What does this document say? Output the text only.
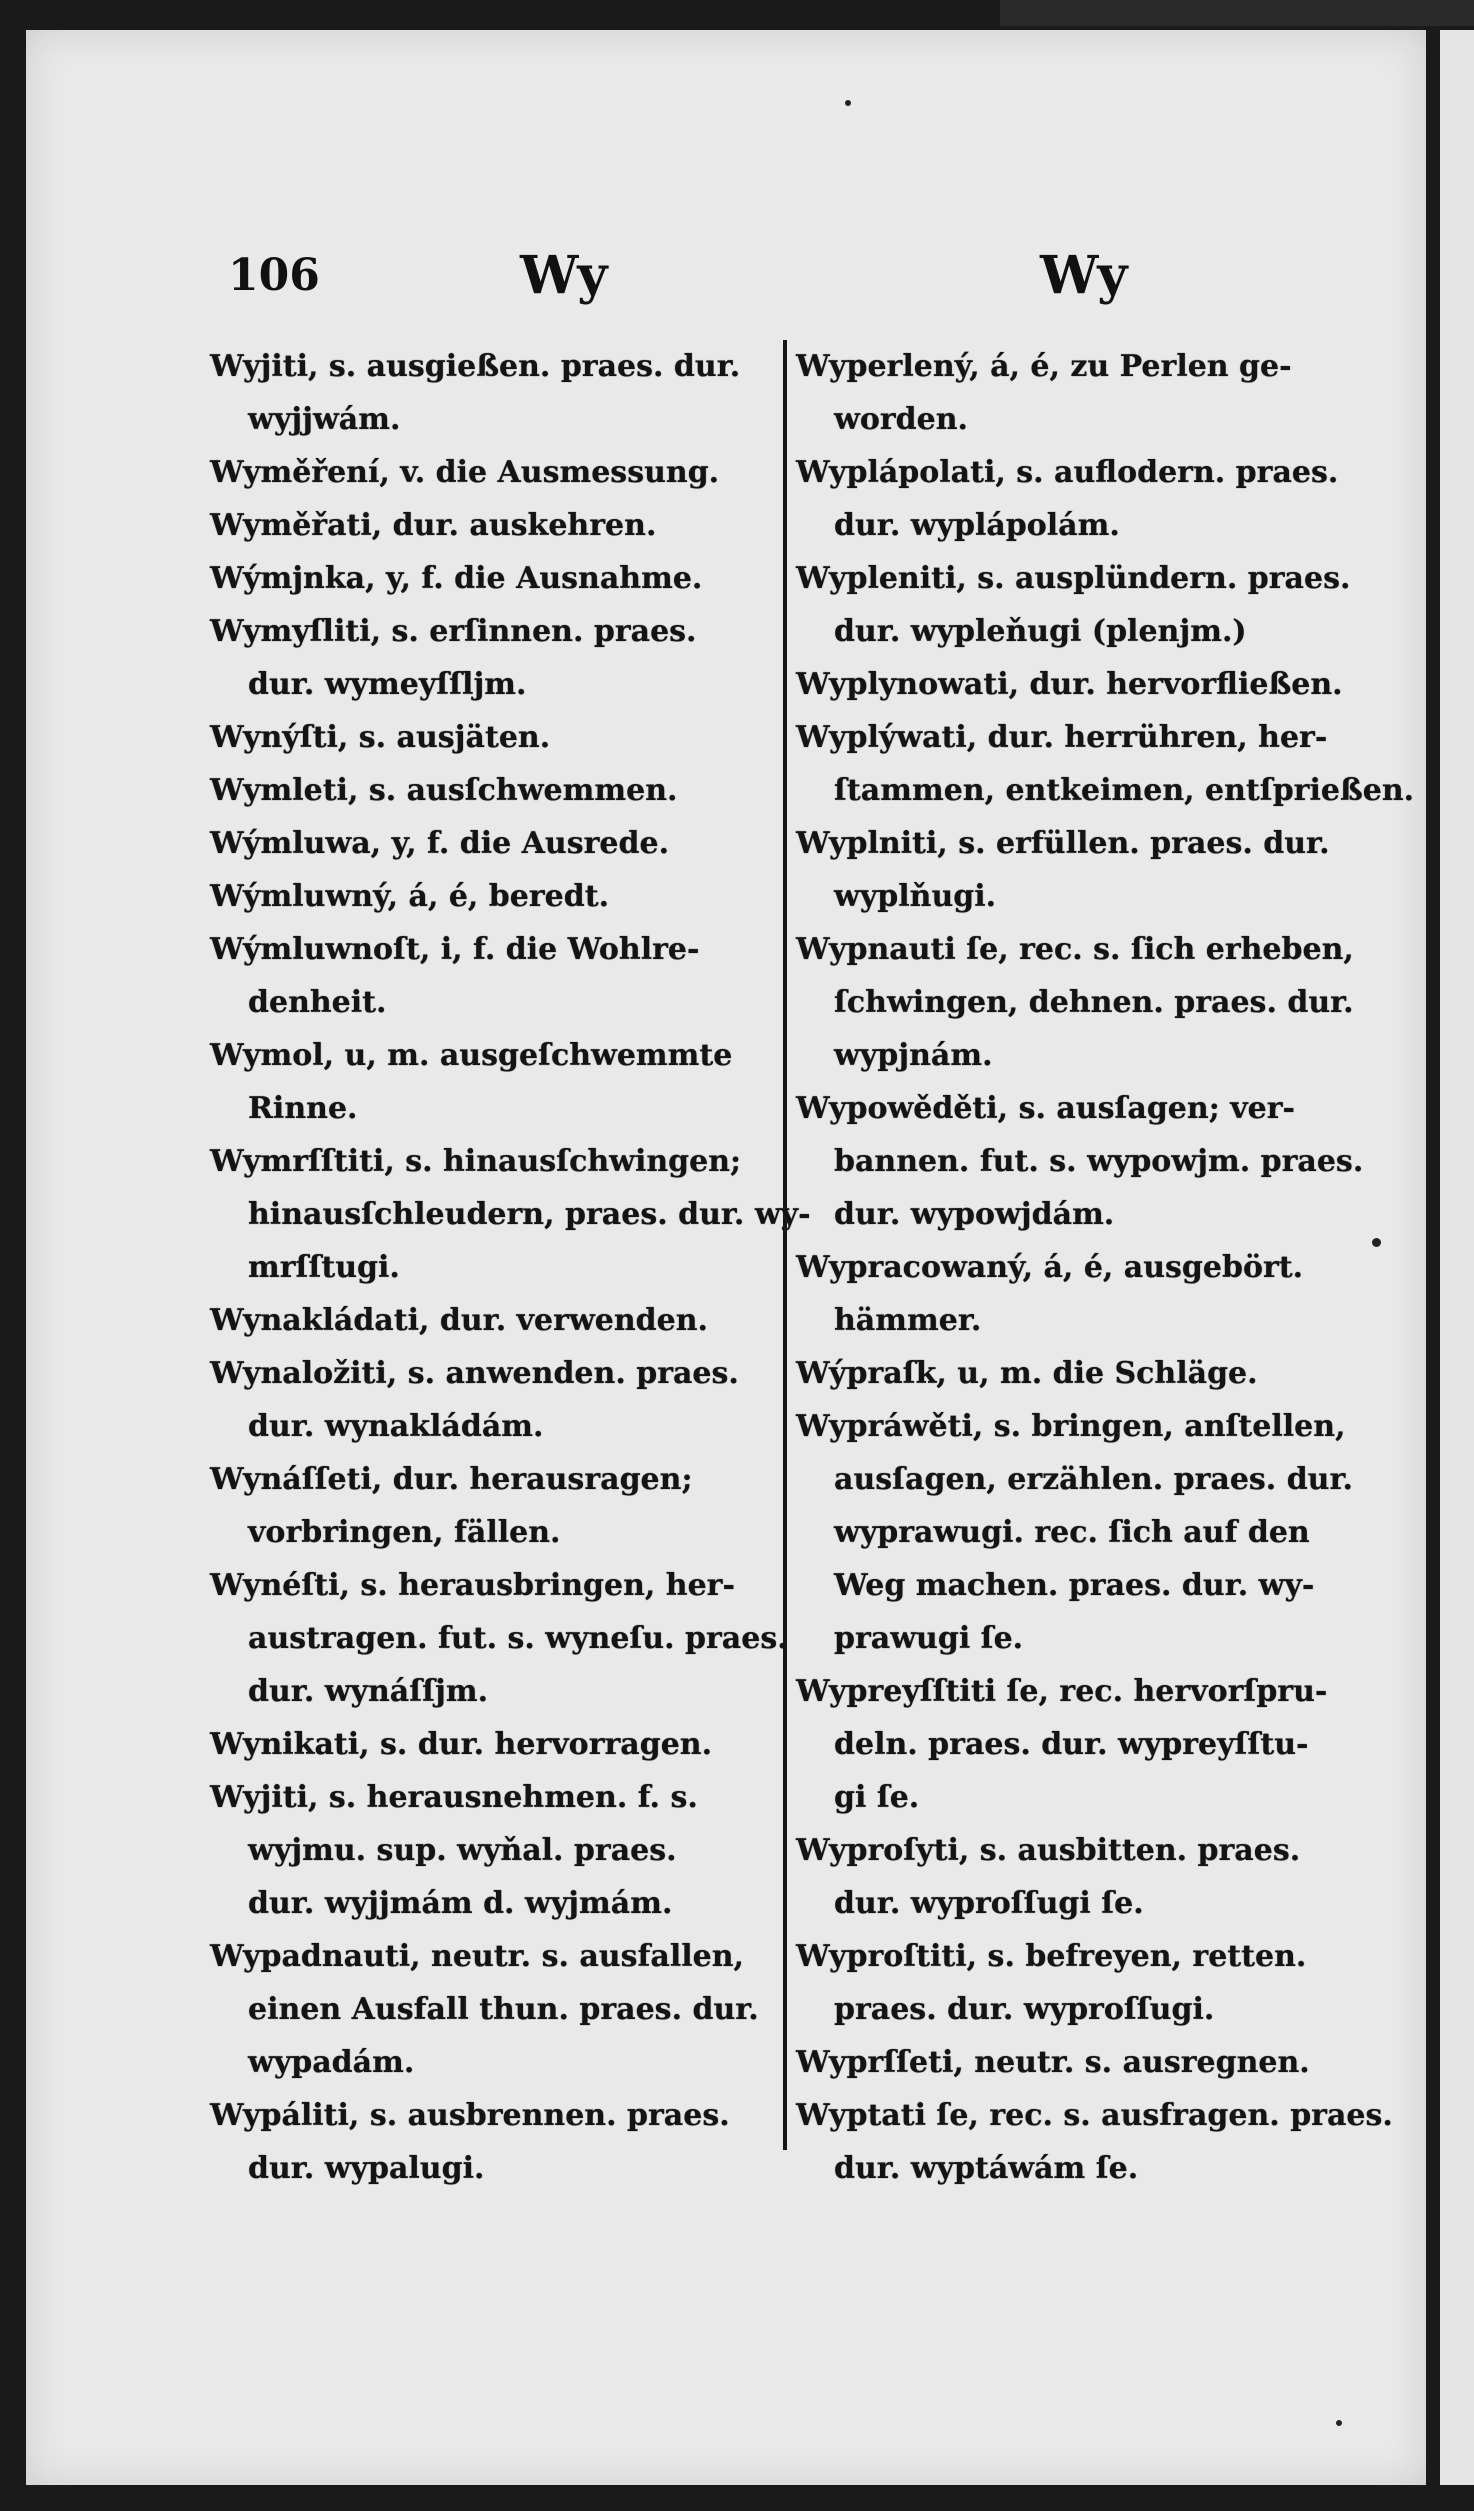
106	Wy	Wy
Wyjiti, s. ausgießen. praes. dur.
wyjjwám.
Wyměření, v. die Ausmessung.
Wyměřati, dur. auskehren.
Wýmjnka, y, f. die Ausnahme.
Wymyſliti, s. erſinnen. praes.
dur. wymeyſſljm.
Wynýſti, s. ausjäten.
Wymleti, s. ausſchwemmen.
Wýmluwa, y, f. die Ausrede.
Wýmluwný, á, é, beredt.
Wýmluwnoſt, i, f. die Wohlre-
denheit.
Wymol, u, m. ausgeſchwemmte
Rinne.
Wymrſſtiti, s. hinausſchwingen;
hinausſchleudern, praes. dur. wy-
mrſſtugi.
Wynakládati, dur. verwenden.
Wynaložiti, s. anwenden. praes.
dur. wynakládám.
Wynáſſeti, dur. herausragen;
vorbringen, fällen.
Wynéſti, s. herausbringen, her-
austragen. fut. s. wyneſu. praes.
dur. wynáſſjm.
Wynikati, s. dur. hervorragen.
Wyjiti, s. herausnehmen. f. s.
wyjmu. sup. wyňal. praes.
dur. wyjjmám d. wyjmám.
Wypadnauti, neutr. s. ausfallen,
einen Ausfall thun. praes. dur.
wypadám.
Wypáliti, s. ausbrennen. praes.
dur. wypalugi.
Wyperlený, á, é, zu Perlen ge-
worden.
Wyplápolati, s. auflodern. praes.
dur. wyplápolám.
Wypleniti, s. ausplündern. praes.
dur. wypleňugi (plenjm.)
Wyplynowati, dur. hervorfließen.
Wyplýwati, dur. herrühren, her-
ſtammen, entkeimen, entſprießen.
Wyplniti, s. erfüllen. praes. dur.
wyplňugi.
Wypnauti ſe, rec. s. ſich erheben,
ſchwingen, dehnen. praes. dur.
wypjnám.
Wypowěděti, s. ausſagen; ver-
bannen. fut. s. wypowjm. praes.
dur. wypowjdám.
Wypracowaný, á, é, ausgebört.
hämmer.
Wýpraſk, u, m. die Schläge.
Wypráwěti, s. bringen, anſtellen,
ausſagen, erzählen. praes. dur.
wyprawugi. rec. ſich auf den
Weg machen. praes. dur. wy-
prawugi ſe.
Wypreyſſtiti ſe, rec. hervorſpru-
deln. praes. dur. wypreyſſtu-
gi ſe.
Wyproſyti, s. ausbitten. praes.
dur. wyproſſugi ſe.
Wyproſtiti, s. befreyen, retten.
praes. dur. wyproſſugi.
Wyprſſeti, neutr. s. ausregnen.
Wyptati ſe, rec. s. ausfragen. praes.
dur. wyptáwám ſe.
